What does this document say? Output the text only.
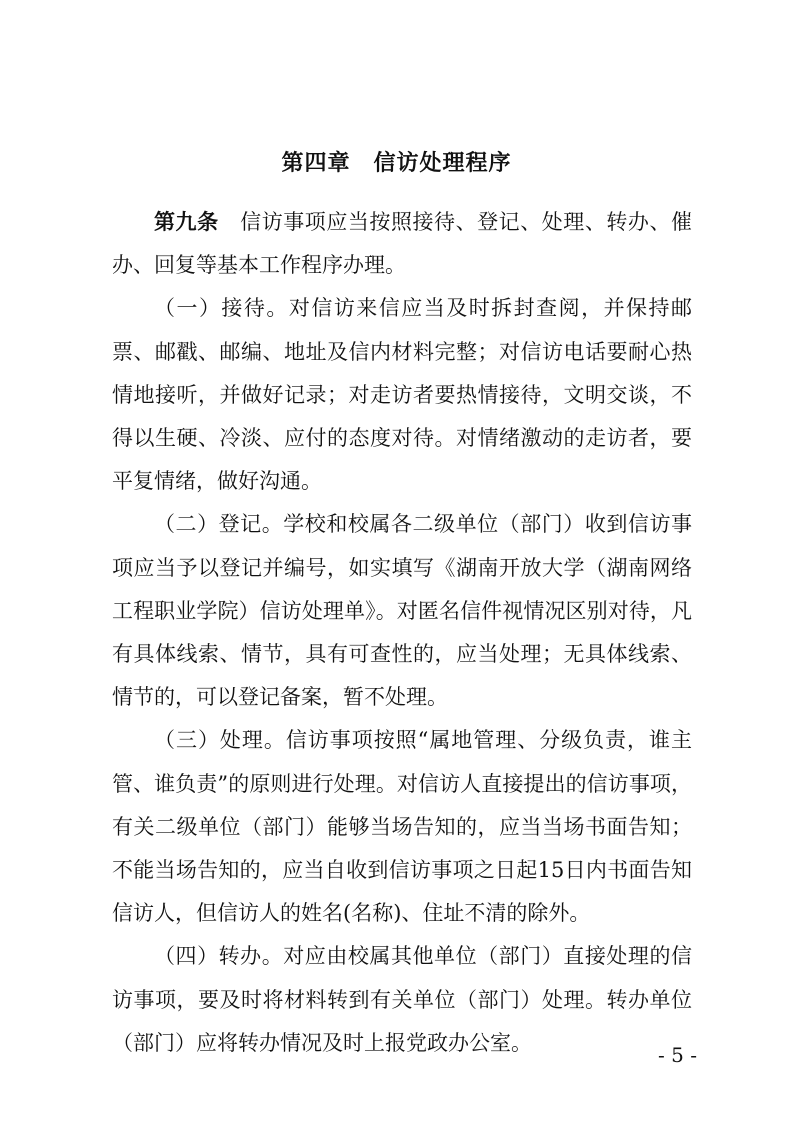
第四章　信访处理程序

第九条　信访事项应当按照接待、登记、处理、转办、催办、回复等基本工作程序办理。

（一）接待。对信访来信应当及时拆封查阅，并保持邮票、邮戳、邮编、地址及信内材料完整；对信访电话要耐心热情地接听，并做好记录；对走访者要热情接待，文明交谈，不得以生硬、冷淡、应付的态度对待。对情绪激动的走访者，要平复情绪，做好沟通。

（二）登记。学校和校属各二级单位（部门）收到信访事项应当予以登记并编号，如实填写《湖南开放大学（湖南网络工程职业学院）信访处理单》。对匿名信件视情况区别对待，凡有具体线索、情节，具有可查性的，应当处理；无具体线索、情节的，可以登记备案，暂不处理。

（三）处理。信访事项按照“属地管理、分级负责，谁主管、谁负责”的原则进行处理。对信访人直接提出的信访事项，有关二级单位（部门）能够当场告知的，应当当场书面告知；不能当场告知的，应当自收到信访事项之日起15日内书面告知信访人，但信访人的姓名(名称)、住址不清的除外。

（四）转办。对应由校属其他单位（部门）直接处理的信访事项，要及时将材料转到有关单位（部门）处理。转办单位（部门）应将转办情况及时上报党政办公室。

- 5 -
